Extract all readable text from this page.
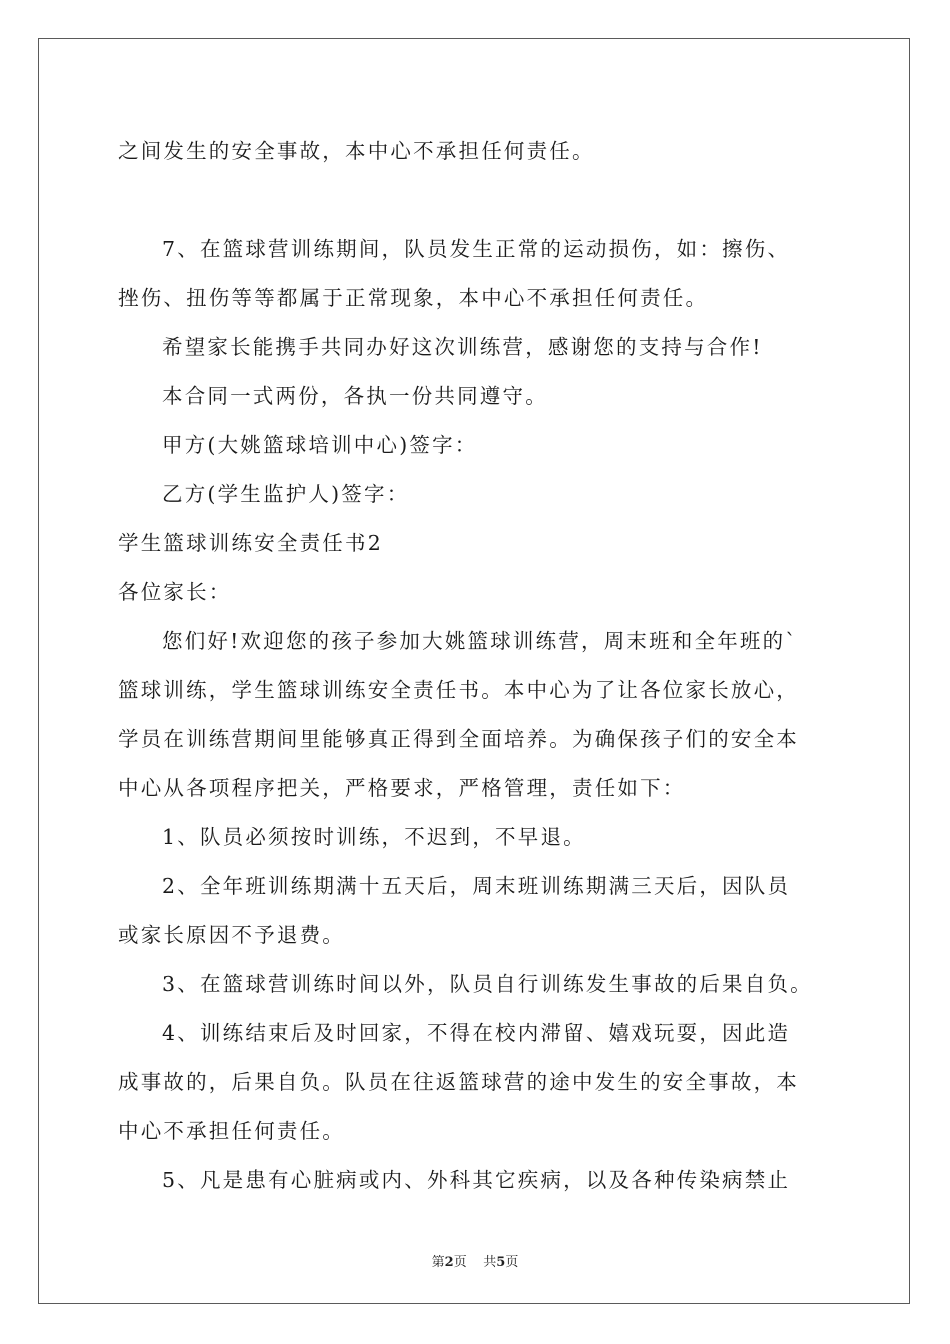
之间发生的安全事故，本中心不承担任何责任。

7、在篮球营训练期间，队员发生正常的运动损伤，如：擦伤、

挫伤、扭伤等等都属于正常现象，本中心不承担任何责任。

希望家长能携手共同办好这次训练营，感谢您的支持与合作!

本合同一式两份，各执一份共同遵守。

甲方(大姚篮球培训中心)签字：

乙方(学生监护人)签字：

学生篮球训练安全责任书2

各位家长：

您们好!欢迎您的孩子参加大姚篮球训练营，周末班和全年班的`

篮球训练，学生篮球训练安全责任书。本中心为了让各位家长放心，

学员在训练营期间里能够真正得到全面培养。为确保孩子们的安全本

中心从各项程序把关，严格要求，严格管理，责任如下：

1、队员必须按时训练，不迟到，不早退。

2、全年班训练期满十五天后，周末班训练期满三天后，因队员

或家长原因不予退费。

3、在篮球营训练时间以外，队员自行训练发生事故的后果自负。

4、训练结束后及时回家，不得在校内滞留、嬉戏玩耍，因此造

成事故的，后果自负。队员在往返篮球营的途中发生的安全事故，本

中心不承担任何责任。

5、凡是患有心脏病或内、外科其它疾病，以及各种传染病禁止

第2页 共5页
